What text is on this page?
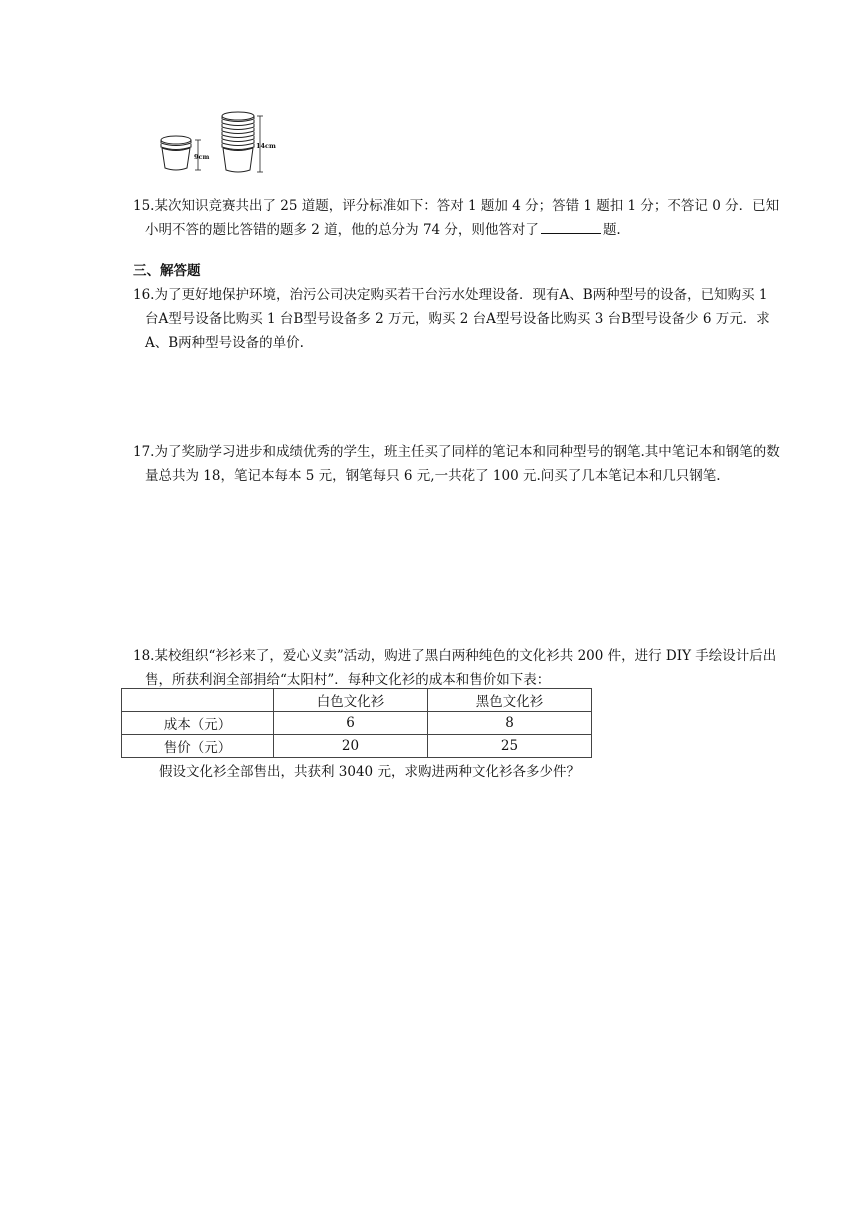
9cm
14cm
15.某次知识竞赛共出了 25 道题，评分标准如下：答对 1 题加 4 分；答错 1 题扣 1 分；不答记 0 分．已知小明不答的题比答错的题多 2 道，他的总分为 74 分，则他答对了	题.
三、解答题
16.为了更好地保护环境，治污公司决定购买若干台污水处理设备．现有A、B两种型号的设备，已知购买 1 台A型号设备比购买 1 台B型号设备多 2 万元，购买 2 台A型号设备比购买 3 台B型号设备少 6 万元．求A、B两种型号设备的单价.
17.为了奖励学习进步和成绩优秀的学生，班主任买了同样的笔记本和同种型号的钢笔.其中笔记本和钢笔的数量总共为 18，笔记本每本 5 元，钢笔每只 6 元,一共花了 100 元.问买了几本笔记本和几只钢笔.
18.某校组织“衫衫来了，爱心义卖”活动，购进了黑白两种纯色的文化衫共 200 件，进行 DIY 手绘设计后出售，所获利润全部捐给“太阳村”．每种文化衫的成本和售价如下表：
	白色文化衫	黑色文化衫
成本（元）	6	8
售价（元）	20	25
假设文化衫全部售出，共获利 3040 元，求购进两种文化衫各多少件？
